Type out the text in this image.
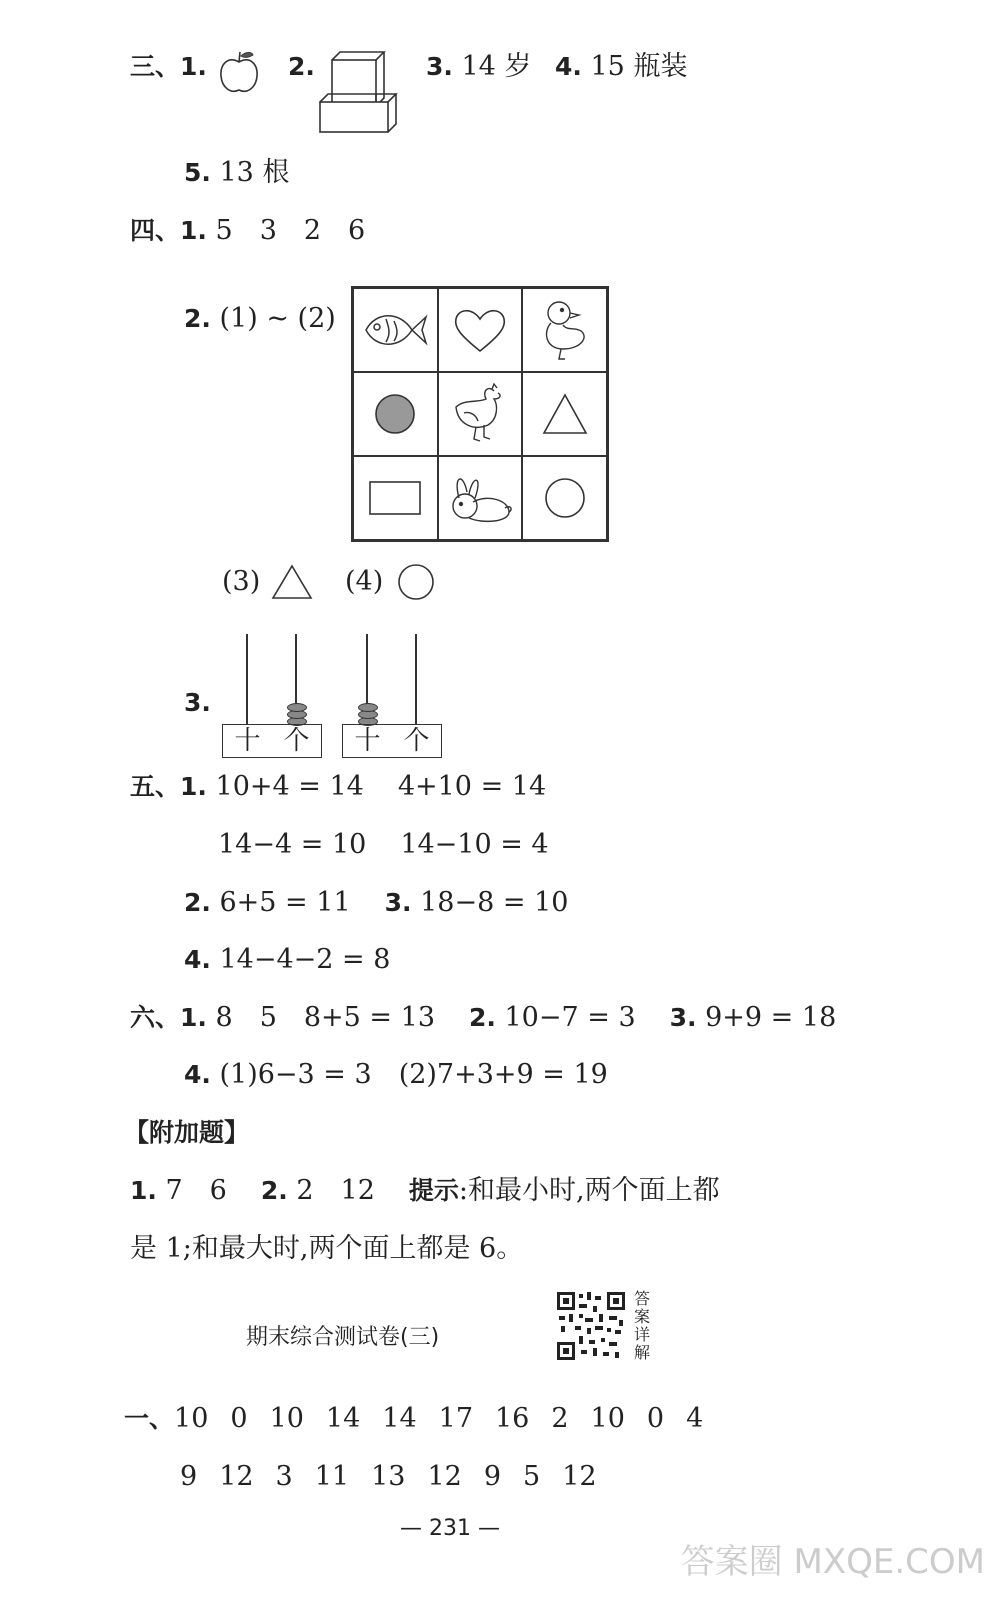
三、1.	2.	3. 14 岁 4. 15 瓶装
5. 13 根
四、1. 5　3　2　6
2. (1) ~ (2)
(3)	(4)
3.
十 个	十 个
五、1. 10+4 = 14 4+10 = 14
14−4 = 10 14−10 = 4
2. 6+5 = 11 3. 18−8 = 10
4. 14−4−2 = 8
六、1. 8　5　8+5 = 13 2. 10−7 = 3 3. 9+9 = 18
4. (1)6−3 = 3　(2)7+3+9 = 19
【附加题】
1. 7　6 2. 2　12 提示:和最小时,两个面上都
是 1;和最大时,两个面上都是 6。
期末综合测试卷(三)
答案详解
一、10 0 10 14 14 17 16 2 10 0 4
9 12 3 11 13 12 9 5 12
— 231 —
答案圈 MXQE.COM
